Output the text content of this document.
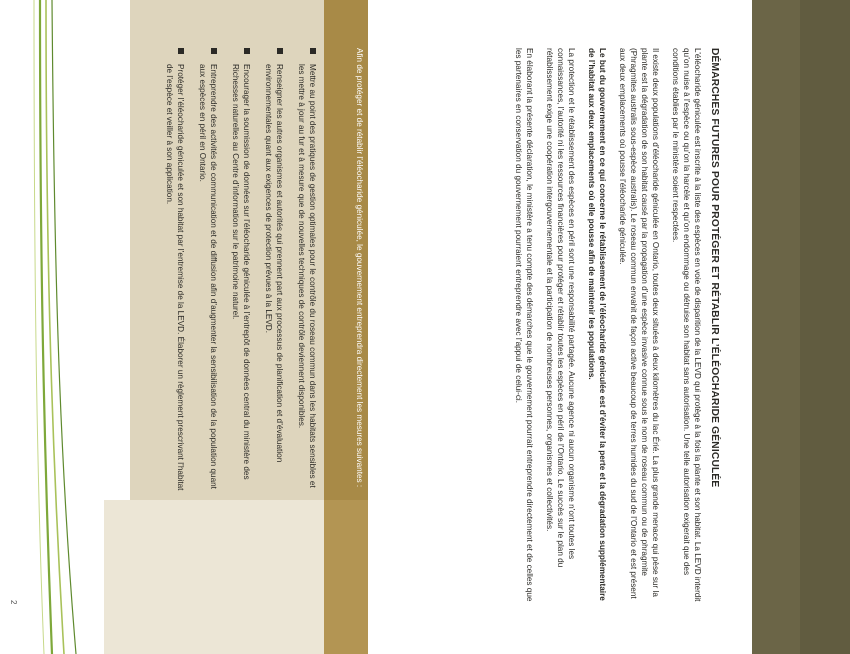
DÉMARCHES FUTURES POUR PROTÉGER ET RÉTABLIR L’ÉLÉOCHARIDE GÉNICULÉE

L’éléocharide géniculée est inscrite à la liste des espèces en voie de disparition de la LEVD qui protège à la fois la plante et son habitat. La LEVD interdit qu’on nuise à l’espèce ou qu’on la harcèle et qu’on endommage ou détruise son habitat sans autorisation. Une telle autorisation exigerait que des conditions établies par le ministère soient respectées.

Il existe deux populations d’éléocharide géniculée en Ontario, toutes deux situées à deux kilomètres du lac Érié. La plus grande menace qui pèse sur la plante est la dégradation de son habitat causé par la propagation d’une espèce invasive connue sous le nom de roseau commun ou de phragmite (Phragmites australis sous-espèce australis). Le roseau commun envahit de façon active beaucoup de terres humides du sud de l’Ontario et est présent aux deux emplacements où pousse l’éléocharide géniculée.

Le but du gouvernement en ce qui concerne le rétablissement de l’éléocharide géniculée est d’éviter la perte et la dégradation supplémentaire de l’habitat aux deux emplacements où elle pousse afin de maintenir les populations.

La protection et le rétablissement des espèces en péril sont une responsabilité partagée. Aucune agence ni aucun organisme n’ont toutes les connaissances, l’autorité ni les ressources financières pour protéger et rétablir toutes les espèces en péril de l’Ontario. Le succès sur le plan du rétablissement exige une coopération intergouvernementale et la participation de nombreuses personnes, organismes et collectivités.

En élaborant la présente déclaration, le ministère a tenu compte des démarches que le gouvernement pourrait entreprendre directement et de celles que les partenaires en conservation du gouvernement pourraient entreprendre avec l’appui de celui-ci.

MESURES MENÉES PAR LE GOUVERNEMENT

Afin de protéger et de rétablir l’éléocharide géniculée, le gouvernement entreprendra directement les mesures suivantes :

Mettre au point des pratiques de gestion optimales pour le contrôle du roseau commun dans les habitats sensibles et les mettre à jour au fur et à mesure que de nouvelles techniques de contrôle deviennent disponibles.
Renseigner les autres organismes et autorités qui prennent part aux processus de planification et d’évaluation environnementales quant aux exigences de protection prévues à la LEVD.
Encourager la soumission de données sur l’éléocharide géniculée à l’entrepôt de données central du ministère des Richesses naturelles au Centre d’information sur le patrimoine naturel.
Entreprendre des activités de communication et de diffusion afin d’augmenter la sensibilisation de la population quant aux espèces en péril en Ontario.
Protéger l’éléocharide géniculée et son habitat par l’entremise de la LEVD. Élaborer un règlement prescrivant l’habitat de l’espèce et veiller à son application.
2
